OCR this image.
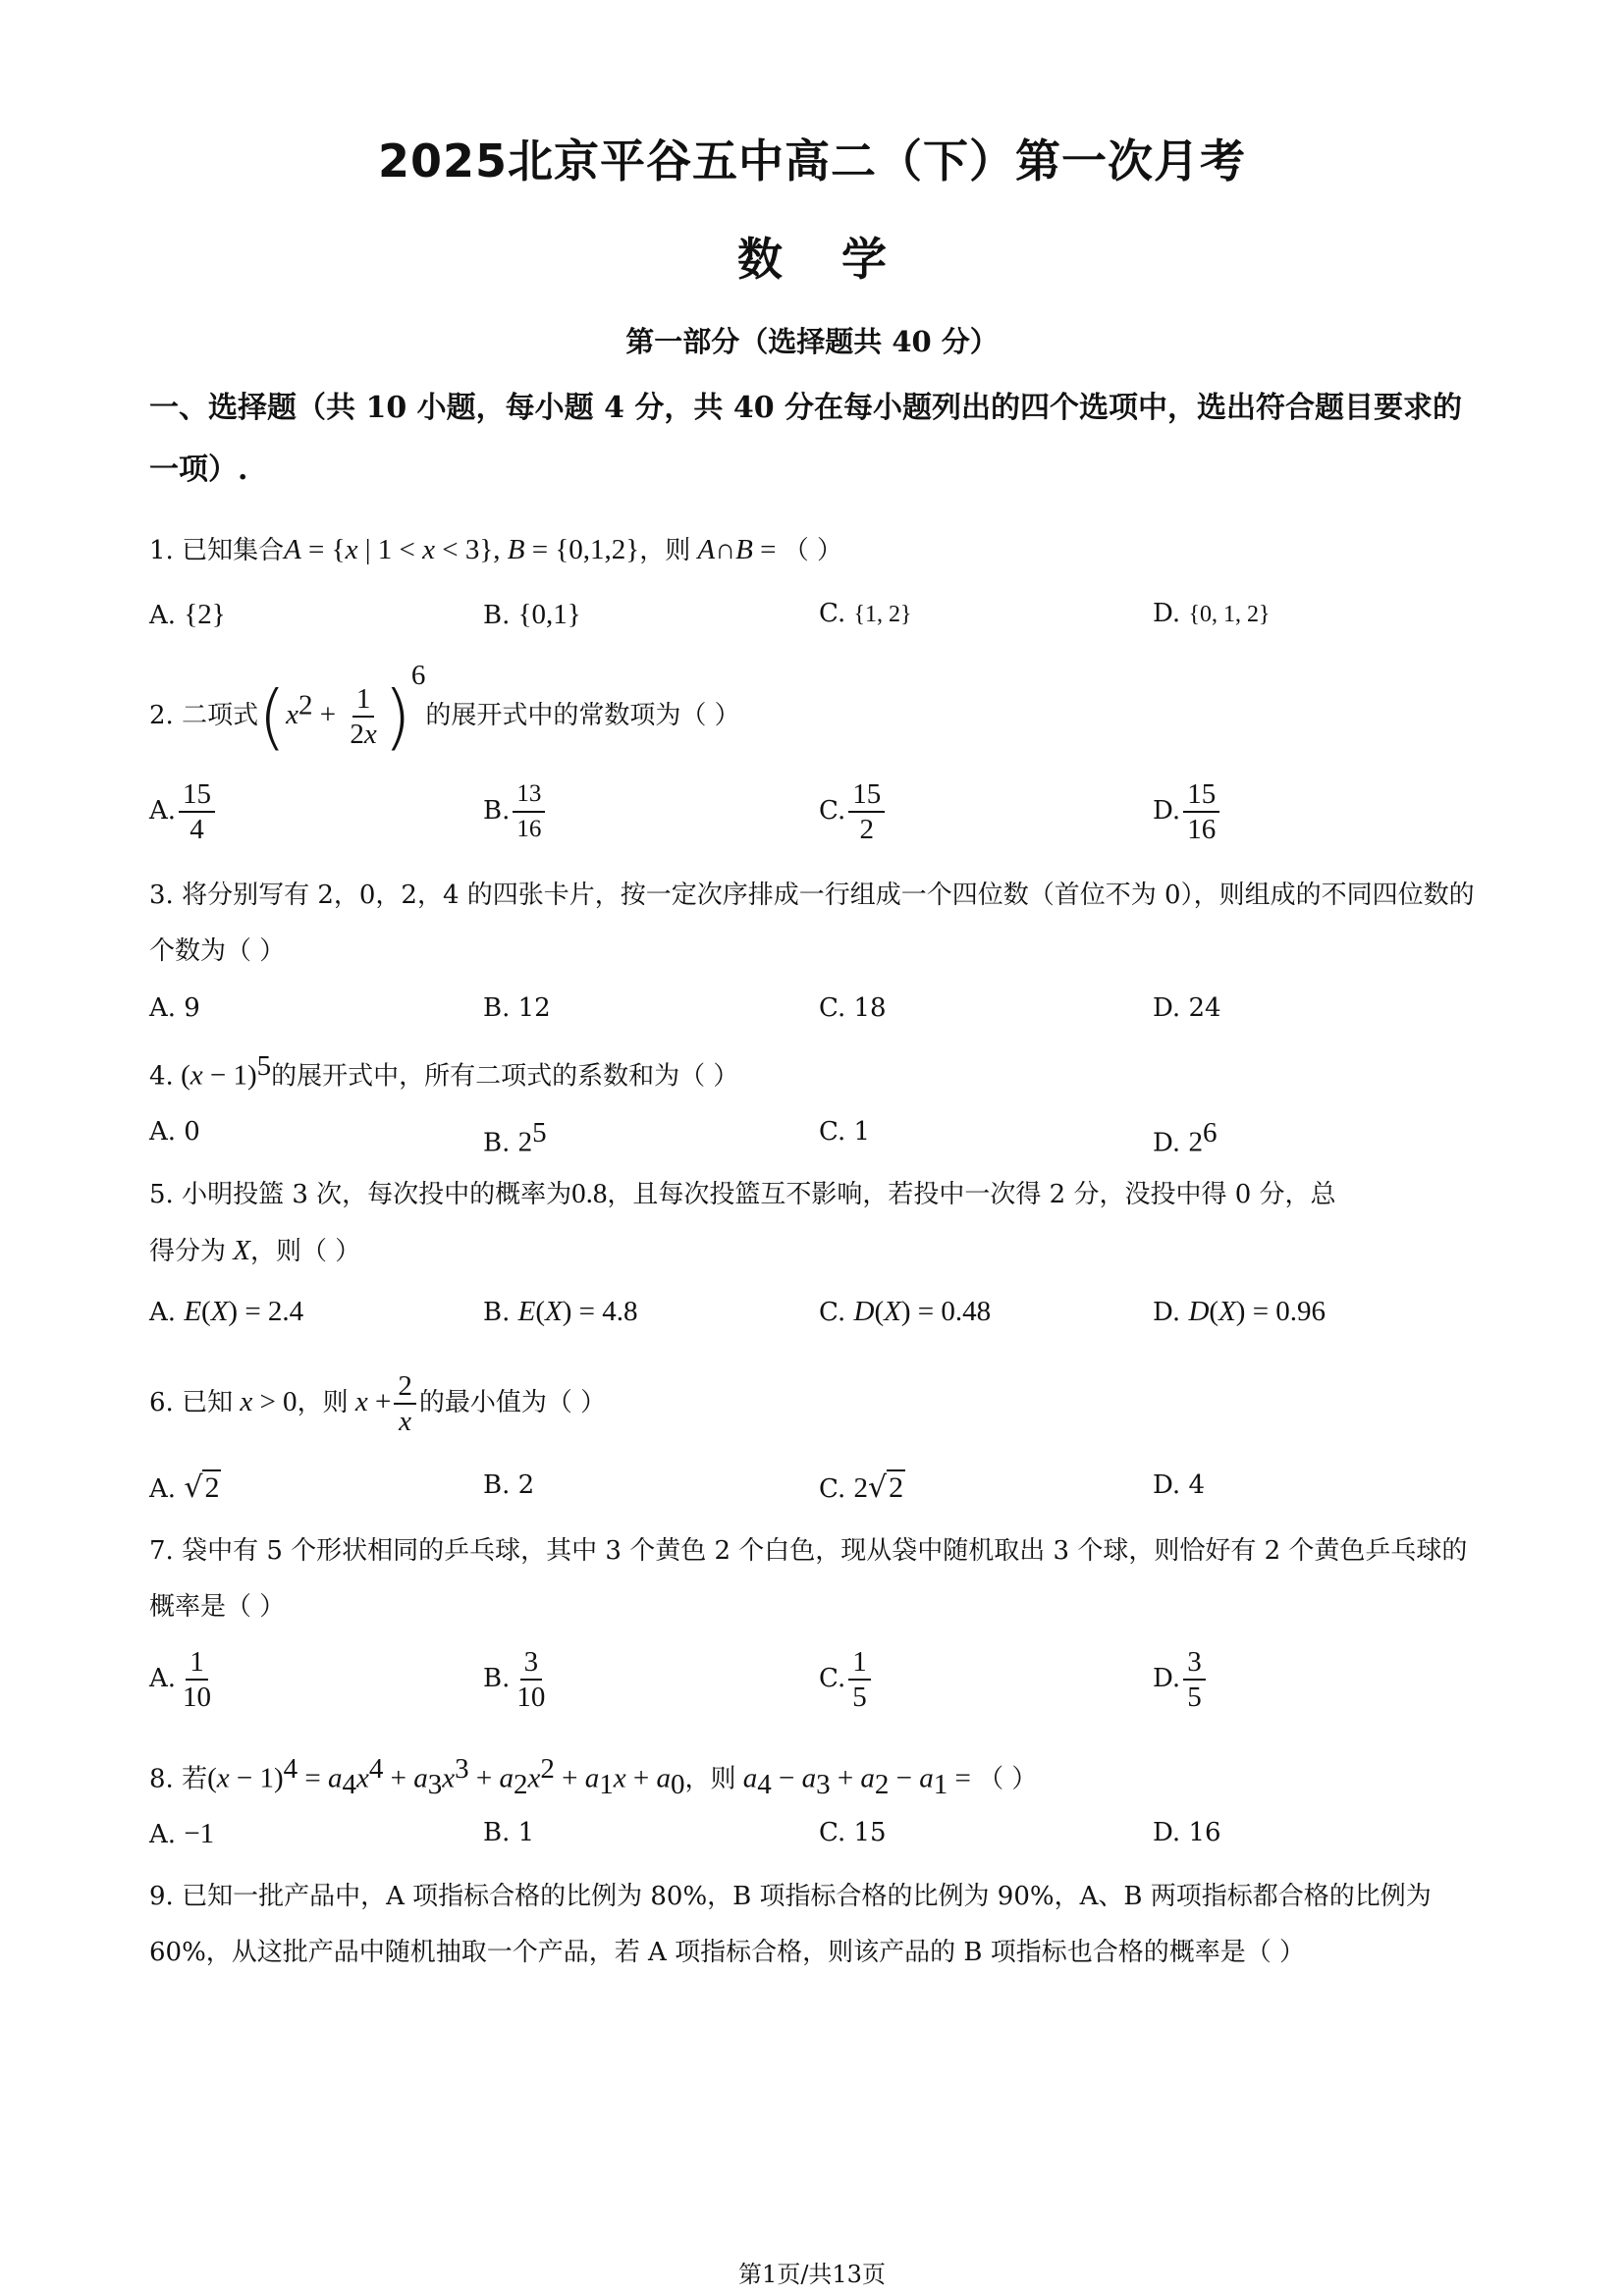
2025北京平谷五中高二（下）第一次月考
数学
第一部分（选择题共 40 分）
一、选择题（共 10 小题，每小题 4 分，共 40 分在每小题列出的四个选项中，选出符合题目要求的一项）.
1. 已知集合A = {x | 1 < x < 3}, B = {0,1,2}，则 A∩B = （ ）
A. {2}	B. {0,1}	C. {1, 2}	D. {0, 1, 2}
2. 二项式$(x^2 + \frac{1}{2x} )^6$的展开式中的常数项为（ ）
A. $\frac{15}{4}$	B. $\frac{13}{16}$	C. $\frac{15}{2}$	D. $\frac{15}{16}$
3. 将分别写有 2，0，2，4 的四张卡片，按一定次序排成一行组成一个四位数（首位不为 0），则组成的不同四位数的个数为（ ）
A. 9	B. 12	C. 18	D. 24
4. $(x - 1)^5$的展开式中，所有二项式的系数和为（ ）
A. 0	B. $2^5$	C. 1	D. $2^6$
5. 小明投篮 3 次，每次投中的概率为0.8，且每次投篮互不影响，若投中一次得 2 分，没投中得 0 分，总
得分为 X，则（ ）
A. E(X) = 2.4	B. E(X) = 4.8	C. D(X) = 0.48	D. D(X) = 0.96
6. 已知 x > 0，则 $x + \frac{2}{x}$ 的最小值为（ ）
A. √2	B. 2	C. 2√2	D. 4
7. 袋中有 5 个形状相同的乒乓球，其中 3 个黄色 2 个白色，现从袋中随机取出 3 个球，则恰好有 2 个黄色乒乓球的概率是（ ）
A. $\frac{1}{10}$	B. $\frac{3}{10}$	C. $\frac{1}{5}$	D. $\frac{3}{5}$
8. 若$(x - 1)^4 = a_4x^4 + a_3x^3 + a_2x^2 + a_1x + a_0$，则 $a_4 - a_3 + a_2 - a_1$ = （ ）
A. −1	B. 1	C. 15	D. 16
9. 已知一批产品中，A 项指标合格的比例为 80%，B 项指标合格的比例为 90%，A、B 两项指标都合格的比例为 60%，从这批产品中随机抽取一个产品，若 A 项指标合格，则该产品的 B 项指标也合格的概率是（ ）
第1页/共13页
